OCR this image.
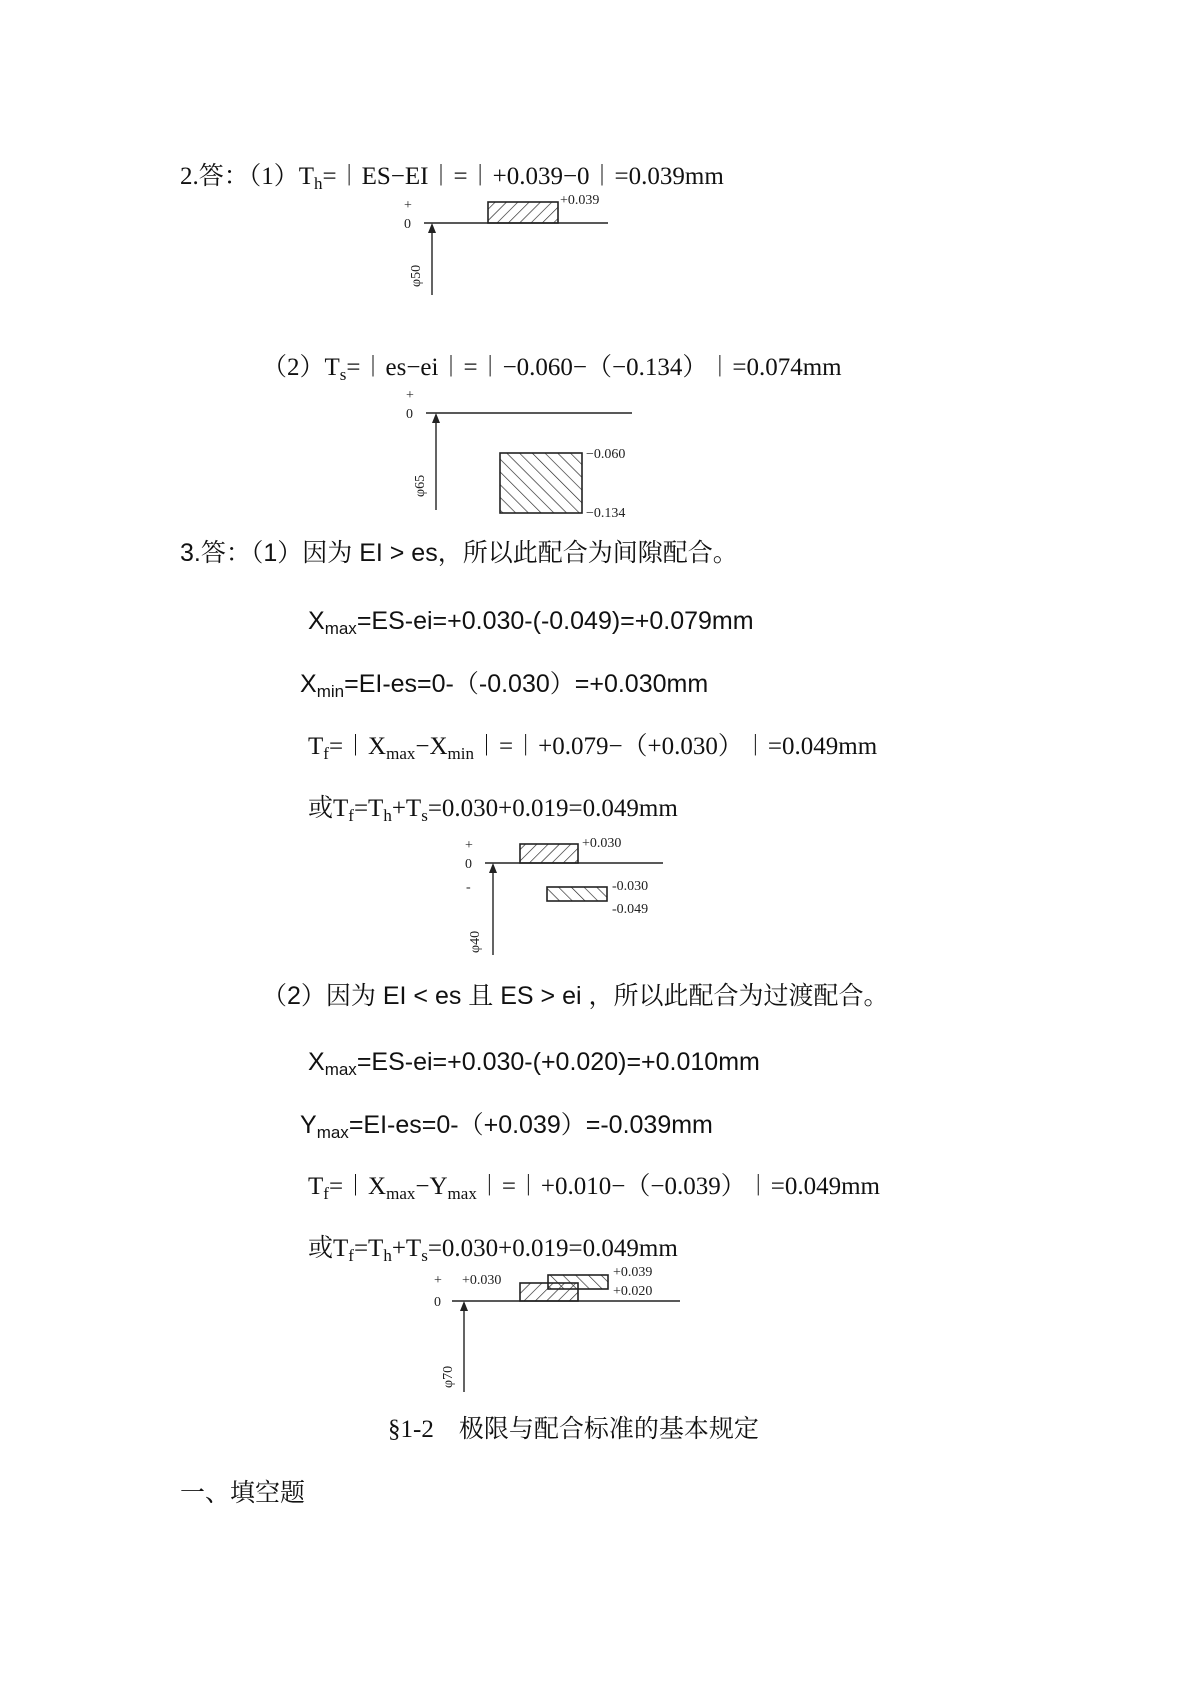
2.答：$(1)T_h=︱ES-EI︱=︱+0.039-0︱=0.039mm$
+
0
+0.039
φ50
$(2)T_s=︱es-ei︱=︱-0.060-(-0.134)︱=0.074mm$
+
0
−0.060
−0.134
φ65
3.答：（1）因为 EI > es，所以此配合为间隙配合。
$X_{max}=ES-ei=+0.030-(-0.049)=+0.079mm$
$X_{min}=EI-es=0-(-0.030)=+0.030mm$
$T_f=︱X_{max}-X_{min}︱=︱+0.079-(+0.030)︱=0.049mm$
或$T_f=T_h+T_s=0.030+0.019=0.049mm$
+
0
-
+0.030
-0.030
-0.049
φ40
（2）因为 EI < es 且 ES > ei ，所以此配合为过渡配合。
$X_{max}=ES-ei=+0.030-(+0.020)=+0.010mm$
$Y_{max}=EI-es=0-(+0.039)=-0.039mm$
$T_f=︱X_{max}-Y_{max}︱=︱+0.010-(-0.039)︱=0.049mm$
或$T_f=T_h+T_s=0.030+0.019=0.049mm$
+
0
+0.030
+0.039
+0.020
φ70
§1-2　极限与配合标准的基本规定
一、填空题
